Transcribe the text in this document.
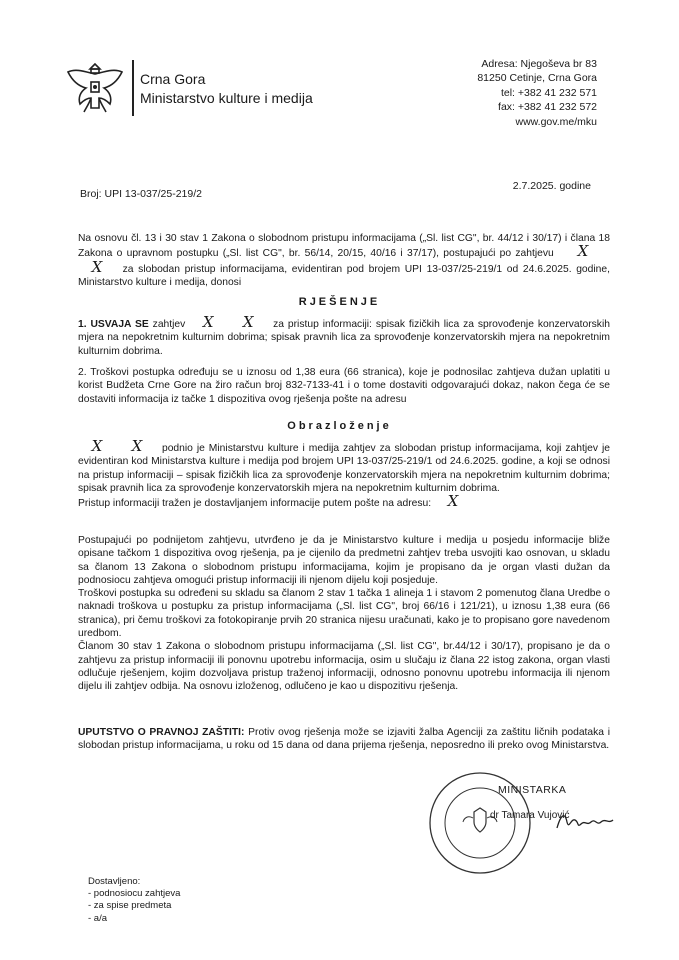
Crna Gora
Ministarstvo kulture i medija
Adresa: Njegoševa br 83
81250 Cetinje, Crna Gora
tel: +382 41 232 571
fax: +382 41 232 572
www.gov.me/mku
Broj: UPI 13-037/25-219/2
2.7.2025. godine

Na osnovu čl. 13 i 30 stav 1 Zakona o slobodnom pristupu informacijama („Sl. list CG", br. 44/12 i 30/17) i člana 18 Zakona o upravnom postupku („Sl. list CG", br. 56/14, 20/15, 40/16 i 37/17), postupajući po zahtjevu XX za slobodan pristup informacijama, evidentiran pod brojem UPI 13-037/25-219/1 od 24.6.2025. godine, Ministarstvo kulture i medija, donosi

RJEŠENJE

1. USVAJA SE zahtjev X X za pristup informaciji: spisak fizičkih lica za sprovođenje konzervatorskih mjera na nepokretnim kulturnim dobrima; spisak pravnih lica za sprovođenje konzervatorskih mjera na nepokretnim kulturnim dobrima.

2. Troškovi postupka određuju se u iznosu od 1,38 eura (66 stranica), koje je podnosilac zahtjeva dužan uplatiti u korist Budžeta Crne Gore na žiro račun broj 832-7133-41 i o tome dostaviti odgovarajući dokaz, nakon čega će se dostaviti informacija iz tačke 1 dispozitiva ovog rješenja pošte na adresu

Obrazloženje

X X podnio je Ministarstvu kulture i medija zahtjev za slobodan pristup informacijama, koji zahtjev je evidentiran kod Ministarstva kulture i medija pod brojem UPI 13-037/25-219/1 od 24.6.2025. godine, a koji se odnosi na pristup informaciji – spisak fizičkih lica za sprovođenje konzervatorskih mjera na nepokretnim kulturnim dobrima; spisak pravnih lica za sprovođenje konzervatorskih mjera na nepokretnim kulturnim dobrima.

Pristup informaciji tražen je dostavljanjem informacije putem pošte na adresu: X

Postupajući po podnijetom zahtjevu, utvrđeno je da je Ministarstvo kulture i medija u posjedu informacije bliže opisane tačkom 1 dispozitiva ovog rješenja, pa je cijenilo da predmetni zahtjev treba usvojiti kao osnovan, u skladu sa članom 13 Zakona o slobodnom pristupu informacijama, kojim je propisano da je organ vlasti dužan da podnosiocu zahtjeva omogući pristup informaciji ili njenom dijelu koji posjeduje.

Troškovi postupka su određeni su skladu sa članom 2 stav 1 tačka 1 alineja 1 i stavom 2 pomenutog člana Uredbe o naknadi troškova u postupku za pristup informacijama („Sl. list CG", broj 66/16 i 121/21), u iznosu 1,38 eura (66 stranica), pri čemu troškovi za fotokopiranje prvih 20 stranica nijesu uračunati, kako je to propisano gore navedenom uredbom.

Članom 30 stav 1 Zakona o slobodnom pristupu informacijama („Sl. list CG", br.44/12 i 30/17), propisano je da o zahtjevu za pristup informaciji ili ponovnu upotrebu informacija, osim u slučaju iz člana 22 istog zakona, organ vlasti odlučuje rješenjem, kojim dozvoljava pristup traženoj informaciji, odnosno ponovnu upotrebu informacija ili njenom dijelu ili zahtjev odbija. Na osnovu izloženog, odlučeno je kao u dispozitivu rješenja.

UPUTSTVO O PRAVNOJ ZAŠTITI: Protiv ovog rješenja može se izjaviti žalba Agenciji za zaštitu ličnih podataka i slobodan pristup informacijama, u roku od 15 dana od dana prijema rješenja, neposredno ili preko ovog Ministarstva.

MINISTARKA
dr Tamara Vujović
Dostavljeno:
- podnosiocu zahtjeva
- za spise predmeta
- a/a
